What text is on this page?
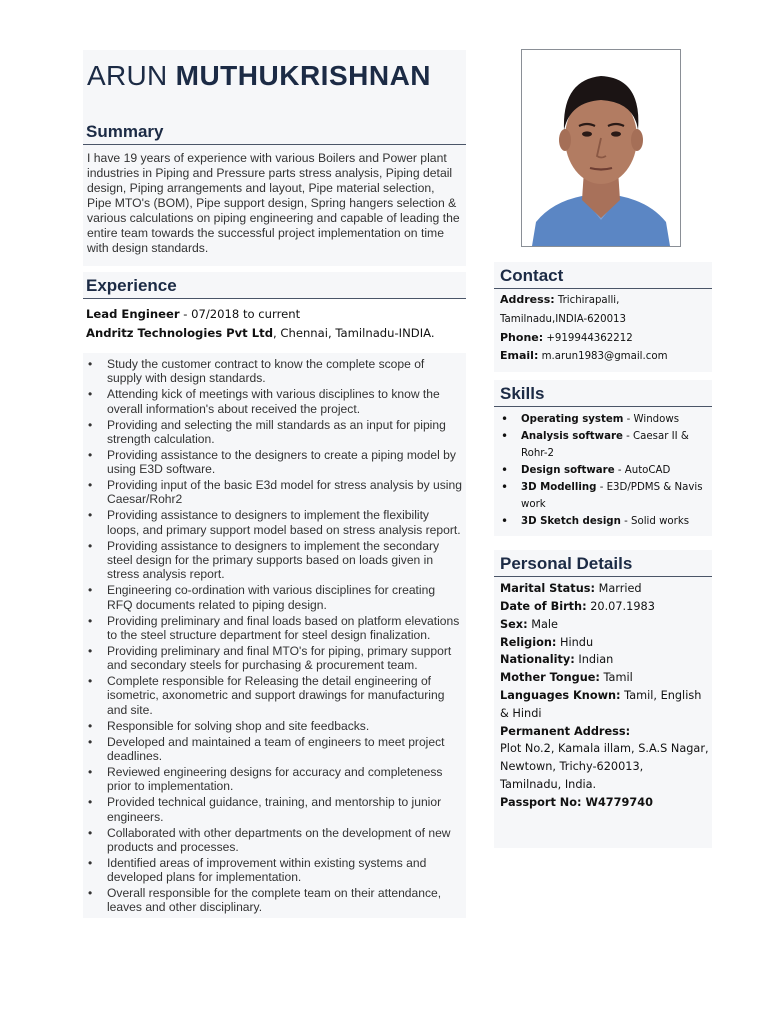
ARUN MUTHUKRISHNAN
Summary
I have 19 years of experience with various Boilers and Power plant industries in Piping and Pressure parts stress analysis, Piping detail design, Piping arrangements and layout, Pipe material selection, Pipe MTO's (BOM), Pipe support design, Spring hangers selection & various calculations on piping engineering and capable of leading the entire team towards the successful project implementation on time with design standards.
Experience
Lead Engineer - 07/2018 to current
Andritz Technologies Pvt Ltd, Chennai, Tamilnadu-INDIA.
• Study the customer contract to know the complete scope of supply with design standards.
• Attending kick of meetings with various disciplines to know the overall information's about received the project.
• Providing and selecting the mill standards as an input for piping strength calculation.
• Providing assistance to the designers to create a piping model by using E3D software.
• Providing input of the basic E3d model for stress analysis by using Caesar/Rohr2
• Providing assistance to designers to implement the flexibility loops, and primary support model based on stress analysis report.
• Providing assistance to designers to implement the secondary steel design for the primary supports based on loads given in stress analysis report.
• Engineering co-ordination with various disciplines for creating RFQ documents related to piping design.
• Providing preliminary and final loads based on platform elevations to the steel structure department for steel design finalization.
• Providing preliminary and final MTO's for piping, primary support and secondary steels for purchasing & procurement team.
• Complete responsible for Releasing the detail engineering of isometric, axonometric and support drawings for manufacturing and site.
• Responsible for solving shop and site feedbacks.
• Developed and maintained a team of engineers to meet project deadlines.
• Reviewed engineering designs for accuracy and completeness prior to implementation.
• Provided technical guidance, training, and mentorship to junior engineers.
• Collaborated with other departments on the development of new products and processes.
• Identified areas of improvement within existing systems and developed plans for implementation.
• Overall responsible for the complete team on their attendance, leaves and other disciplinary.
Contact
Address: Trichirapalli,
Tamilnadu,INDIA-620013
Phone: +919944362212
Email: m.arun1983@gmail.com
Skills
• Operating system - Windows
• Analysis software - Caesar II & Rohr-2
• Design software - AutoCAD
• 3D Modelling - E3D/PDMS & Navis work
• 3D Sketch design - Solid works
Personal Details
Marital Status: Married
Date of Birth: 20.07.1983
Sex: Male
Religion: Hindu
Nationality: Indian
Mother Tongue: Tamil
Languages Known: Tamil, English & Hindi
Permanent Address:
Plot No.2, Kamala illam, S.A.S Nagar,
Newtown, Trichy-620013,
Tamilnadu, India.
Passport No: W4779740
